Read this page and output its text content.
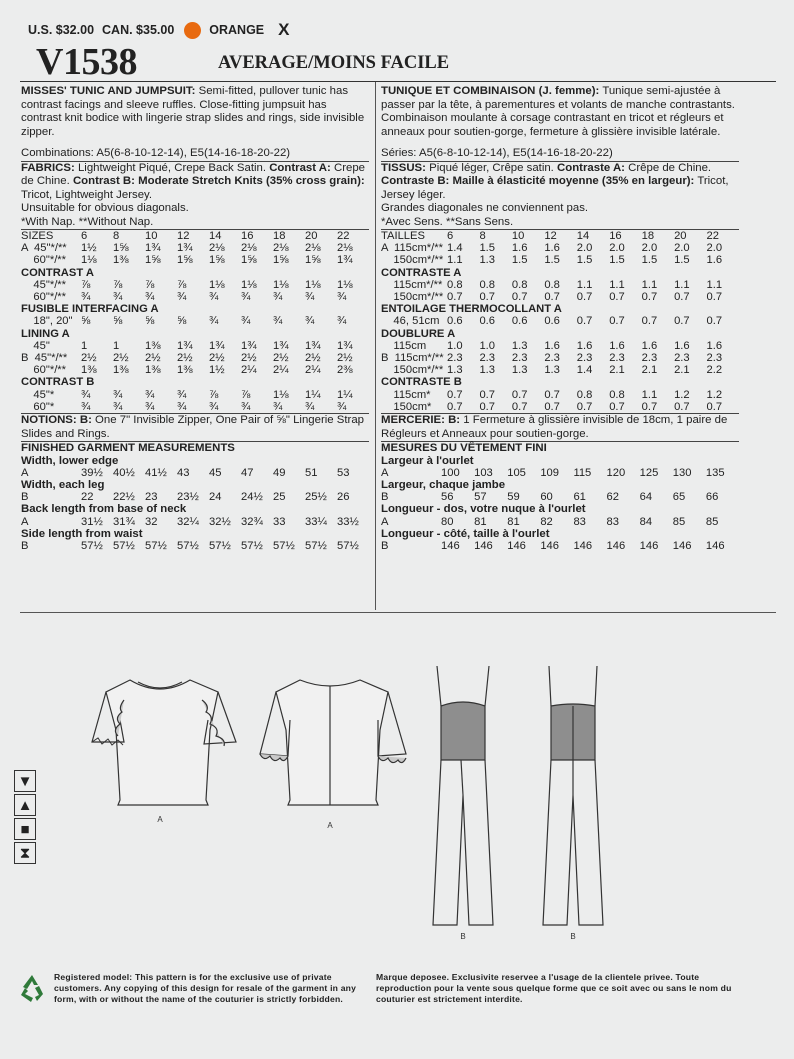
U.S. $32.00 CAN. $35.00	ORANGE X
V1538	AVERAGE/MOINS FACILE
MISSES' TUNIC AND JUMPSUIT: Semi-fitted, pullover tunic has contrast facings and sleeve ruffles. Close-fitting jumpsuit has contrast knit bodice with lingerie strap slides and rings, side invisible zipper.
Combinations: A5(6-8-10-12-14), E5(14-16-18-20-22)
FABRICS: Lightweight Piqué, Crepe Back Satin. Contrast A: Crepe de Chine. Contrast B: Moderate Stretch Knits (35% cross grain): Tricot, Lightweight Jersey.
Unsuitable for obvious diagonals.
*With Nap. **Without Nap.
SIZES	6	8	10	12	14	16	18	20	22
A  45"*/**	1½	1⅝	1¾	1¾	2⅛	2⅛	2⅛	2⅛	2⅛
60"*/**	1⅛	1⅜	1⅝	1⅝	1⅝	1⅝	1⅝	1⅝	1¾
CONTRAST A									
45"*/**	⅞	⅞	⅞	⅞	1⅛	1⅛	1⅛	1⅛	1⅛
60"*/**	¾	¾	¾	¾	¾	¾	¾	¾	¾
FUSIBLE INTERFACING A									
18", 20"	⅝	⅝	⅝	⅝	¾	¾	¾	¾	¾
LINING A									
45"	1	1	1⅜	1¾	1¾	1¾	1¾	1¾	1¾
B  45"*/**	2½	2½	2½	2½	2½	2½	2½	2½	2½
60"*/**	1⅜	1⅜	1⅜	1⅜	1½	2¼	2¼	2¼	2⅜
CONTRAST B									
45"*	¾	¾	¾	¾	⅞	⅞	1⅛	1¼	1¼
60"*	¾	¾	¾	¾	¾	¾	¾	¾	¾
NOTIONS: B: One 7" Invisible Zipper, One Pair of ⅝" Lingerie Strap Slides and Rings.
FINISHED GARMENT MEASUREMENTS
Width, lower edge
A	39½ 40½ 41½ 43	45	47	49	51	53
Width, each leg
B	22	22½ 23	23½ 24	24½ 25	25½ 26
Back length from base of neck
A	31½ 31¾ 32	32¼ 32½ 32¾ 33	33¼ 33½
Side length from waist
B	57½ 57½ 57½ 57½ 57½ 57½ 57½ 57½ 57½
TUNIQUE ET COMBINAISON (J. femme): Tunique semi-ajustée à passer par la tête, à parementures et volants de manche contrastants. Combinaison moulante à corsage contrastant en tricot et régleurs et anneaux pour soutien-gorge, fermeture à glissière invisible latérale.
Séries: A5(6-8-10-12-14), E5(14-16-18-20-22)
TISSUS: Piqué léger, Crêpe satin. Contraste A: Crêpe de Chine. Contraste B: Maille à élasticité moyenne (35% en largeur): Tricot, Jersey léger.
Grandes diagonales ne conviennent pas.
*Avec Sens. **Sans Sens.
TAILLES	6	8	10	12	14	16	18	20	22
A  115cm*/**	1.4	1.5	1.6	1.6	2.0	2.0	2.0	2.0	2.0
150cm*/**	1.1	1.3	1.5	1.5	1.5	1.5	1.5	1.5	1.6
CONTRASTE A									
115cm*/**	0.8	0.8	0.8	0.8	1.1	1.1	1.1	1.1	1.1
150cm*/**	0.7	0.7	0.7	0.7	0.7	0.7	0.7	0.7	0.7
ENTOILAGE THERMOCOLLANT A									
46, 51cm	0.6	0.6	0.6	0.6	0.7	0.7	0.7	0.7	0.7
DOUBLURE A									
115cm	1.0	1.0	1.3	1.6	1.6	1.6	1.6	1.6	1.6
B  115cm*/**	2.3	2.3	2.3	2.3	2.3	2.3	2.3	2.3	2.3
150cm*/**	1.3	1.3	1.3	1.3	1.4	2.1	2.1	2.1	2.2
CONTRASTE B									
115cm*	0.7	0.7	0.7	0.7	0.8	0.8	1.1	1.2	1.2
150cm*	0.7	0.7	0.7	0.7	0.7	0.7	0.7	0.7	0.7
MERCERIE: B: 1 Fermeture à glissière invisible de 18cm, 1 paire de Régleurs et Anneaux pour soutien-gorge.
MESURES DU VÊTEMENT FINI
Largeur à l'ourlet
A	100	103	105	109	115	120	125	130	135
Largeur, chaque jambe
B	56	57	59	60	61	62	64	65	66
Longueur - dos, votre nuque à l'ourlet
A	80	81	81	82	83	83	84	85	85
Longueur - côté, taille à l'ourlet
B	146	146	146	146	146	146	146	146	146
A
A
B	B
▼
▲
■
⧗
Registered model: This pattern is for the exclusive use of private customers. Any copying of this design for resale of the garment in any form, with or without the name of the couturier is strictly forbidden.
Marque deposee. Exclusivite reservee a l'usage de la clientele privee. Toute reproduction pour la vente sous quelque forme que ce soit avec ou sans le nom du couturier est strictement interdite.
